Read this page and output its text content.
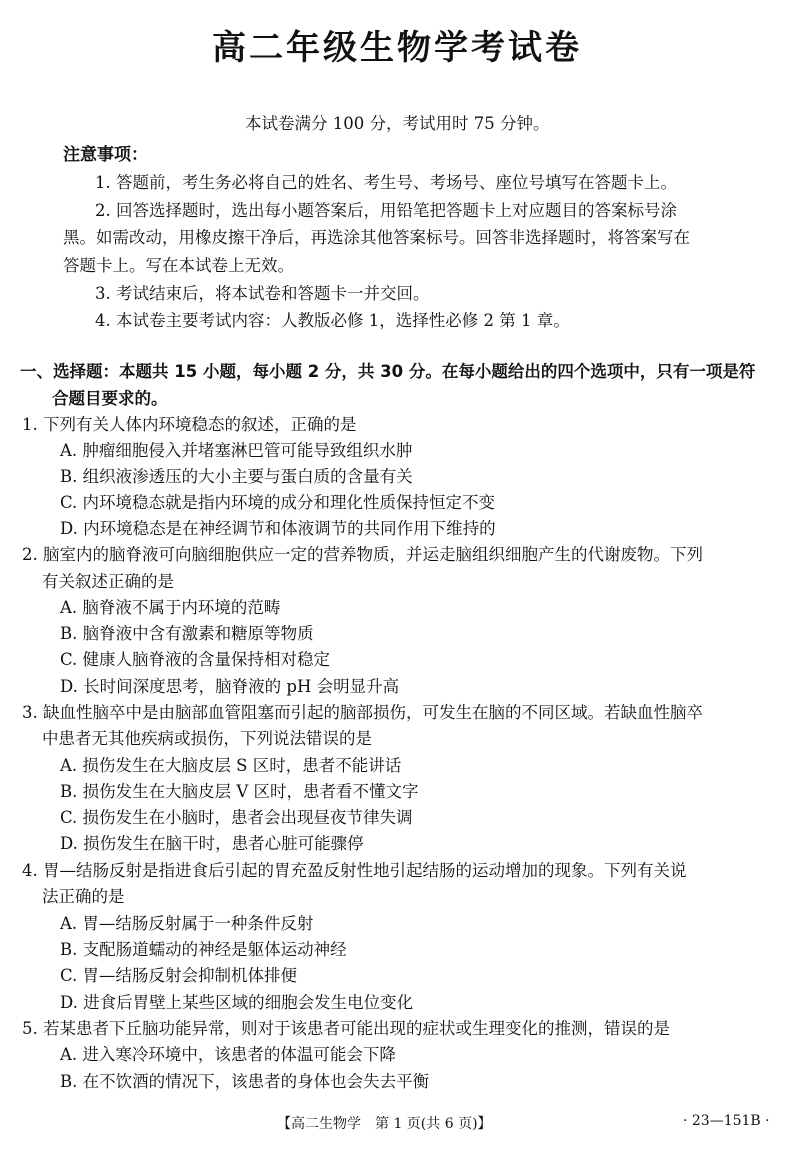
高二年级生物学考试卷
本试卷满分 100 分，考试用时 75 分钟。
注意事项：
1. 答题前，考生务必将自己的姓名、考生号、考场号、座位号填写在答题卡上。
2. 回答选择题时，选出每小题答案后，用铅笔把答题卡上对应题目的答案标号涂
黑。如需改动，用橡皮擦干净后，再选涂其他答案标号。回答非选择题时，将答案写在
答题卡上。写在本试卷上无效。
3. 考试结束后，将本试卷和答题卡一并交回。
4. 本试卷主要考试内容：人教版必修 1，选择性必修 2 第 1 章。
一、选择题：本题共 15 小题，每小题 2 分，共 30 分。在每小题给出的四个选项中，只有一项是符
合题目要求的。
1. 下列有关人体内环境稳态的叙述，正确的是
A. 肿瘤细胞侵入并堵塞淋巴管可能导致组织水肿
B. 组织液渗透压的大小主要与蛋白质的含量有关
C. 内环境稳态就是指内环境的成分和理化性质保持恒定不变
D. 内环境稳态是在神经调节和体液调节的共同作用下维持的
2. 脑室内的脑脊液可向脑细胞供应一定的营养物质，并运走脑组织细胞产生的代谢废物。下列
有关叙述正确的是
A. 脑脊液不属于内环境的范畴
B. 脑脊液中含有激素和糖原等物质
C. 健康人脑脊液的含量保持相对稳定
D. 长时间深度思考，脑脊液的 pH 会明显升高
3. 缺血性脑卒中是由脑部血管阻塞而引起的脑部损伤，可发生在脑的不同区域。若缺血性脑卒
中患者无其他疾病或损伤，下列说法错误的是
A. 损伤发生在大脑皮层 S 区时，患者不能讲话
B. 损伤发生在大脑皮层 V 区时，患者看不懂文字
C. 损伤发生在小脑时，患者会出现昼夜节律失调
D. 损伤发生在脑干时，患者心脏可能骤停
4. 胃—结肠反射是指进食后引起的胃充盈反射性地引起结肠的运动增加的现象。下列有关说
法正确的是
A. 胃—结肠反射属于一种条件反射
B. 支配肠道蠕动的神经是躯体运动神经
C. 胃—结肠反射会抑制机体排便
D. 进食后胃壁上某些区域的细胞会发生电位变化
5. 若某患者下丘脑功能异常，则对于该患者可能出现的症状或生理变化的推测，错误的是
A. 进入寒冷环境中，该患者的体温可能会下降
B. 在不饮酒的情况下，该患者的身体也会失去平衡
【高二生物学　第 1 页(共 6 页)】	· 23—151B ·
